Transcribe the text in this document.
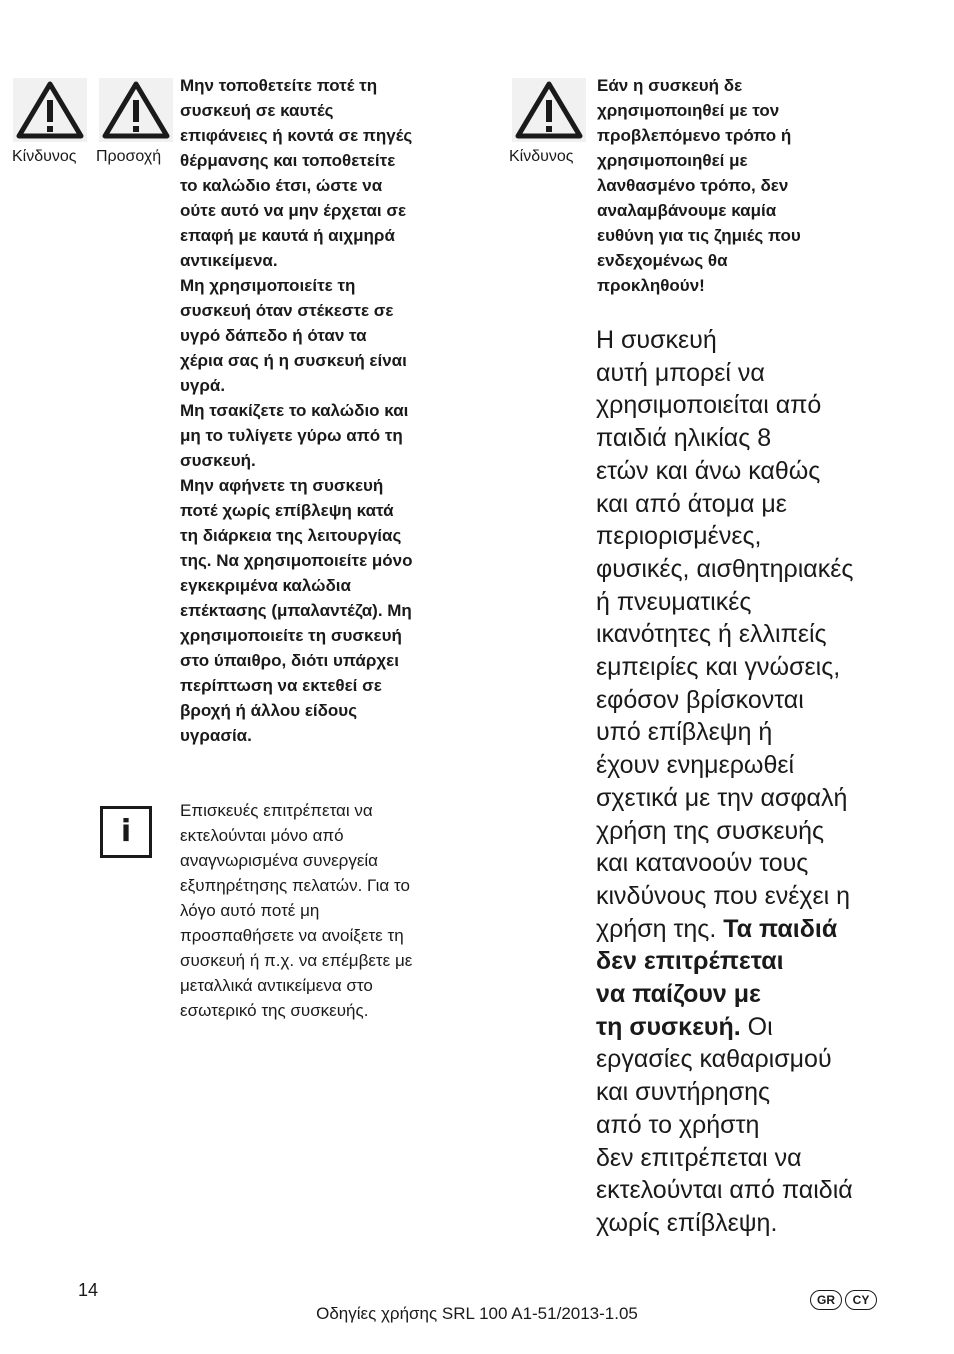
Κίνδυνος Προσοχή
Μην τοποθετείτε ποτέ τη
συσκευή σε καυτές
επιφάνειες ή κοντά σε πηγές
θέρμανσης και τοποθετείτε
το καλώδιο έτσι, ώστε να
ούτε αυτό να μην έρχεται σε
επαφή με καυτά ή αιχμηρά
αντικείμενα.
Μη χρησιμοποιείτε τη
συσκευή όταν στέκεστε σε
υγρό δάπεδο ή όταν τα
χέρια σας ή η συσκευή είναι
υγρά.
Μη τσακίζετε το καλώδιο και
μη το τυλίγετε γύρω από τη
συσκευή.
Μην αφήνετε τη συσκευή
ποτέ χωρίς επίβλεψη κατά
τη διάρκεια της λειτουργίας
της. Να χρησιμοποιείτε μόνο
εγκεκριμένα καλώδια
επέκτασης (μπαλαντέζα). Μη
χρησιμοποιείτε τη συσκευή
στο ύπαιθρο, διότι υπάρχει
περίπτωση να εκτεθεί σε
βροχή ή άλλου είδους
υγρασία.
i
Επισκευές επιτρέπεται να
εκτελούνται μόνο από
αναγνωρισμένα συνεργεία
εξυπηρέτησης πελατών. Για το
λόγο αυτό ποτέ μη
προσπαθήσετε να ανοίξετε τη
συσκευή ή π.χ. να επέμβετε με
μεταλλικά αντικείμενα στο
εσωτερικό της συσκευής.
Κίνδυνος
Εάν η συσκευή δε
χρησιμοποιηθεί με τον
προβλεπόμενο τρόπο ή
χρησιμοποιηθεί με
λανθασμένο τρόπο, δεν
αναλαμβάνουμε καμία
ευθύνη για τις ζημιές που
ενδεχομένως θα
προκληθούν!
Η συσκευή
αυτή μπορεί να
χρησιμοποιείται από
παιδιά ηλικίας 8
ετών και άνω καθώς
και από άτομα με
περιορισμένες,
φυσικές, αισθητηριακές
ή πνευματικές
ικανότητες ή ελλιπείς
εμπειρίες και γνώσεις,
εφόσον βρίσκονται
υπό επίβλεψη ή
έχουν ενημερωθεί
σχετικά με την ασφαλή
χρήση της συσκευής
και κατανοούν τους
κινδύνους που ενέχει η
χρήση της. Τα παιδιά
δεν επιτρέπεται
να παίζουν με
τη συσκευή. Οι
εργασίες καθαρισμού
και συντήρησης
από το χρήστη
δεν επιτρέπεται να
εκτελούνται από παιδιά
χωρίς επίβλεψη.
14
Οδηγίες χρήσης SRL 100 A1-51/2013-1.05
GR	CY
